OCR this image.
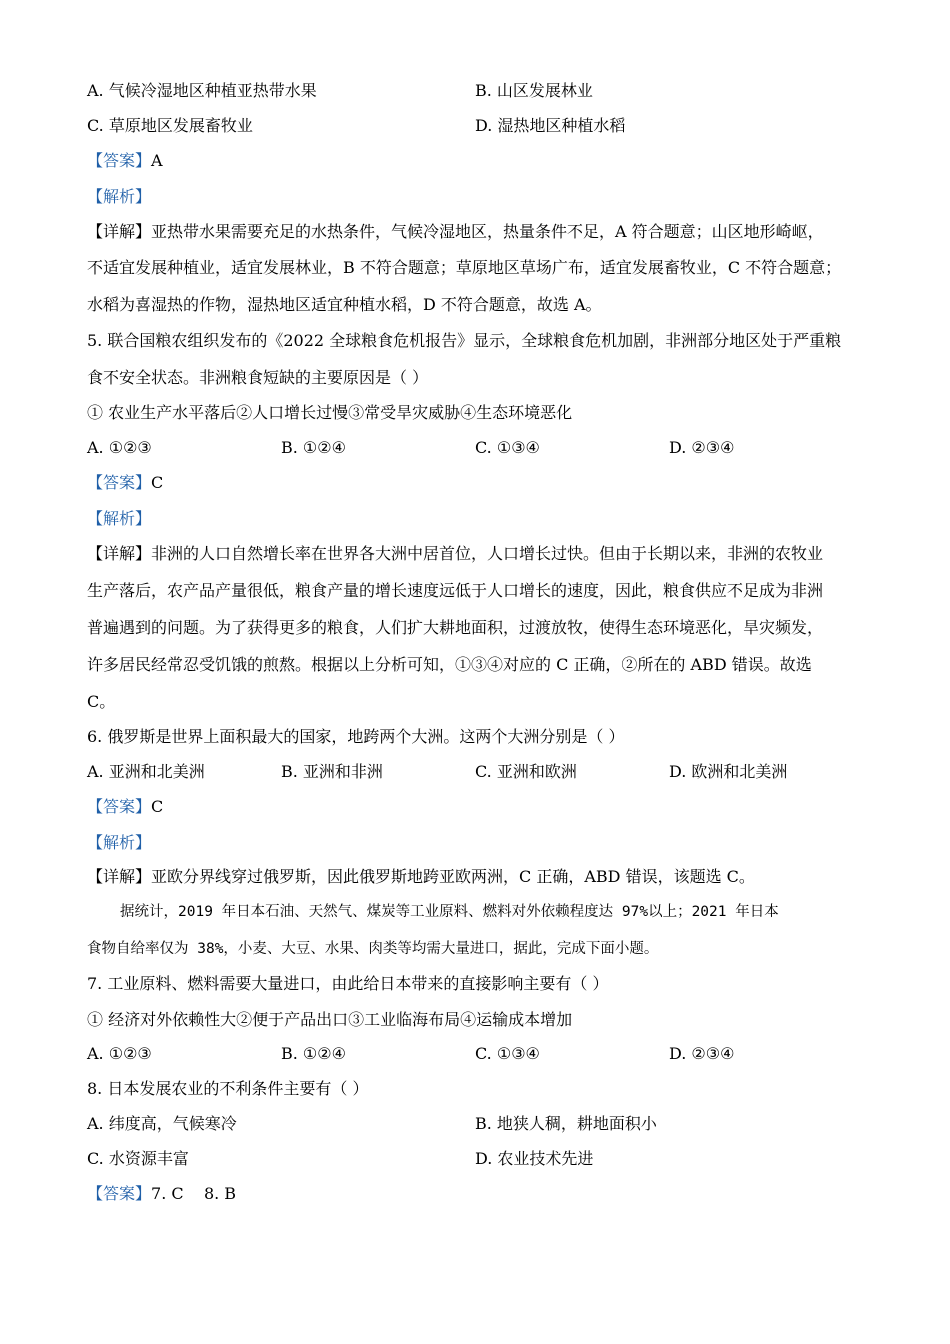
A. 气候冷湿地区种植亚热带水果	B. 山区发展林业
C. 草原地区发展畜牧业	D. 湿热地区种植水稻
【答案】A
【解析】
【详解】亚热带水果需要充足的水热条件，气候冷湿地区，热量条件不足，A 符合题意；山区地形崎岖，
不适宜发展种植业，适宜发展林业，B 不符合题意；草原地区草场广布，适宜发展畜牧业，C 不符合题意；
水稻为喜湿热的作物，湿热地区适宜种植水稻，D 不符合题意，故选 A。
5. 联合国粮农组织发布的《2022 全球粮食危机报告》显示，全球粮食危机加剧，非洲部分地区处于严重粮
食不安全状态。非洲粮食短缺的主要原因是（ ）
① 农业生产水平落后②人口增长过慢③常受旱灾威胁④生态环境恶化
A. ①②③	B. ①②④	C. ①③④	D. ②③④
【答案】C
【解析】
【详解】非洲的人口自然增长率在世界各大洲中居首位，人口增长过快。但由于长期以来，非洲的农牧业
生产落后，农产品产量很低，粮食产量的增长速度远低于人口增长的速度，因此，粮食供应不足成为非洲
普遍遇到的问题。为了获得更多的粮食，人们扩大耕地面积，过渡放牧，使得生态环境恶化，旱灾频发，
许多居民经常忍受饥饿的煎熬。根据以上分析可知，①③④对应的 C 正确，②所在的 ABD 错误。故选
C。
6. 俄罗斯是世界上面积最大的国家，地跨两个大洲。这两个大洲分别是（ ）
A. 亚洲和北美洲	B. 亚洲和非洲	C. 亚洲和欧洲	D. 欧洲和北美洲
【答案】C
【解析】
【详解】亚欧分界线穿过俄罗斯，因此俄罗斯地跨亚欧两洲，C 正确，ABD 错误，该题选 C。
据统计，2019 年日本石油、天然气、煤炭等工业原料、燃料对外依赖程度达 97%以上；2021 年日本
食物自给率仅为 38%，小麦、大豆、水果、肉类等均需大量进口，据此，完成下面小题。
7. 工业原料、燃料需要大量进口，由此给日本带来的直接影响主要有（ ）
① 经济对外依赖性大②便于产品出口③工业临海布局④运输成本增加
A. ①②③	B. ①②④	C. ①③④	D. ②③④
8. 日本发展农业的不利条件主要有（ ）
A. 纬度高，气候寒冷	B. 地狭人稠，耕地面积小
C. 水资源丰富	D. 农业技术先进
【答案】7. C    8. B
